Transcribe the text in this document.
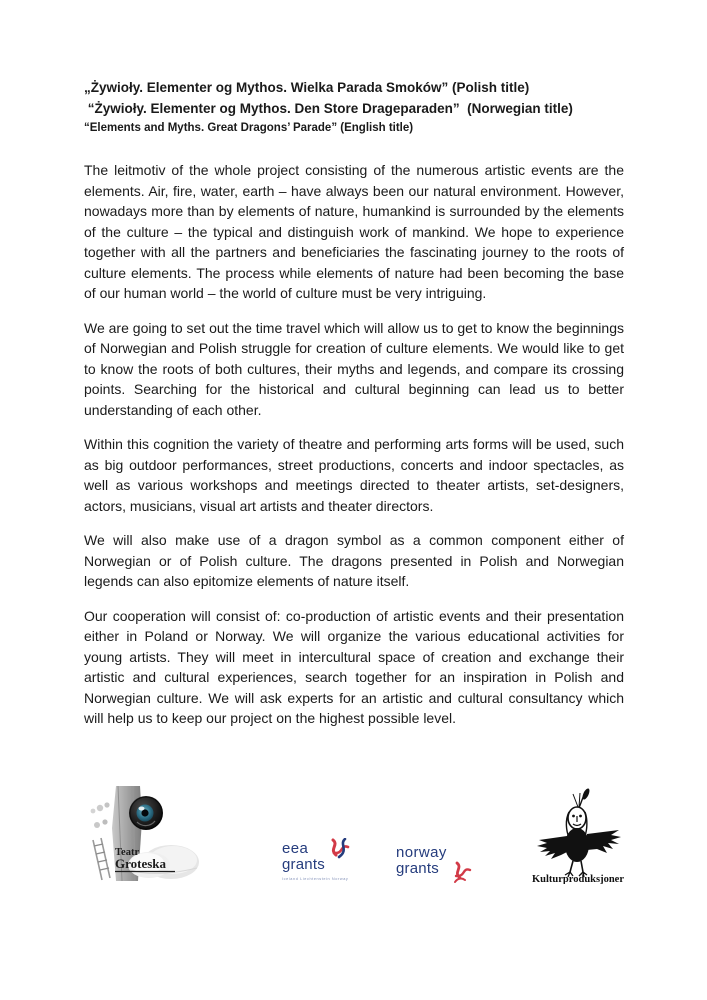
„Żywioły. Elementer og Mythos. Wielka Parada Smoków” (Polish title)
“Żywioły. Elementer og Mythos. Den Store Drageparaden”  (Norwegian title)
“Elements and Myths. Great Dragons’ Parade” (English title)

The leitmotiv of the whole project consisting of the numerous artistic events are the elements. Air, fire, water, earth – have always been our natural environment. However, nowadays more than by elements of nature, humankind is surrounded by the elements of the culture – the typical and distinguish work of mankind. We hope to experience together with all the partners and beneficiaries the fascinating journey to the roots of culture elements. The process while elements of nature had been becoming the base of our human world – the world of culture must be very intriguing.

We are going to set out the time travel which will allow us to get to know the beginnings of Norwegian and Polish struggle for creation of culture elements. We would like to get to know the roots of both cultures, their myths and legends, and compare its crossing points. Searching for the historical and cultural beginning can lead us to better understanding of each other.

Within this cognition the variety of theatre and performing arts forms will be used, such as big outdoor performances, street productions, concerts and indoor spectacles, as well as various workshops and meetings directed to theater artists, set-designers, actors, musicians, visual art artists and theater directors.

We will also make use of a dragon symbol as a common component either of Norwegian or of Polish culture. The dragons presented in Polish and Norwegian legends can also epitomize elements of nature itself.

Our cooperation will consist of: co-production of artistic events and their presentation either in Poland or Norway. We will organize the various educational activities for young artists. They will meet in intercultural space of creation and exchange their artistic and cultural experiences, search together for an inspiration in Polish and Norwegian culture. We will ask experts for an artistic and cultural consultancy which will help us to keep our project on the highest possible level.

Teatr
Groteska
eea
grants
Iceland Liechtenstein Norway
norway
grants
Kulturproduksjoner
